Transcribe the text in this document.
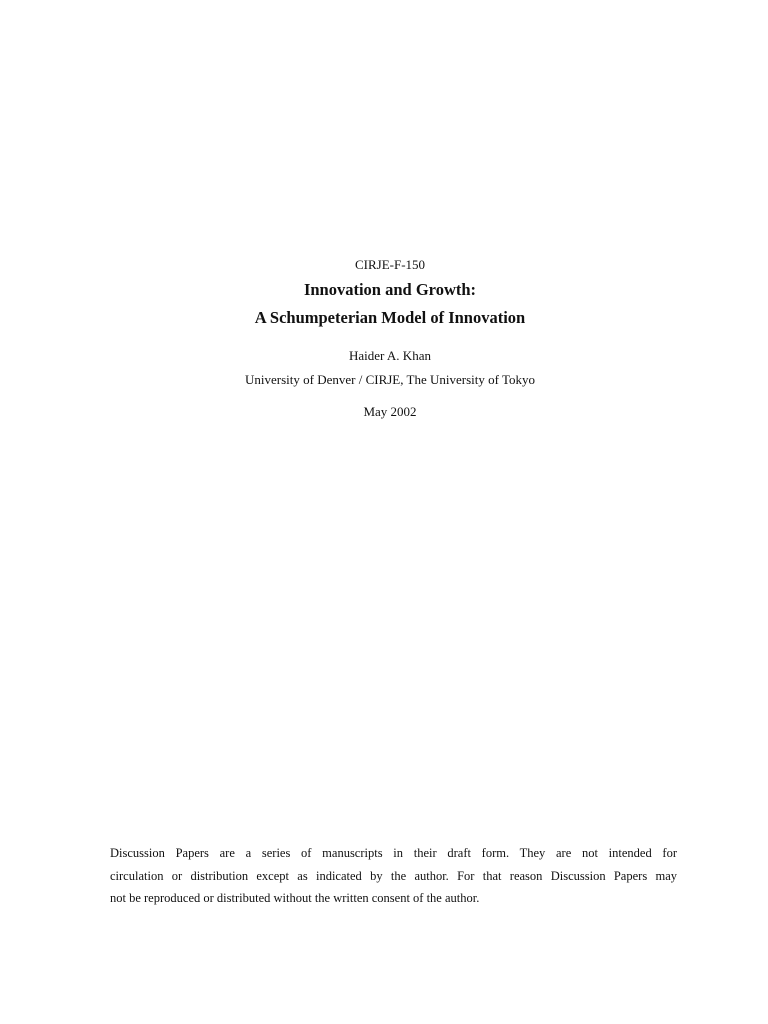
CIRJE-F-150

Innovation and Growth:

A Schumpeterian Model of Innovation

Haider A. Khan

University of Denver / CIRJE, The University of Tokyo

May 2002

Discussion Papers are a series of manuscripts in their draft form. They are not intended for
circulation or distribution except as indicated by the author. For that reason Discussion Papers may
not be reproduced or distributed without the written consent of the author.
